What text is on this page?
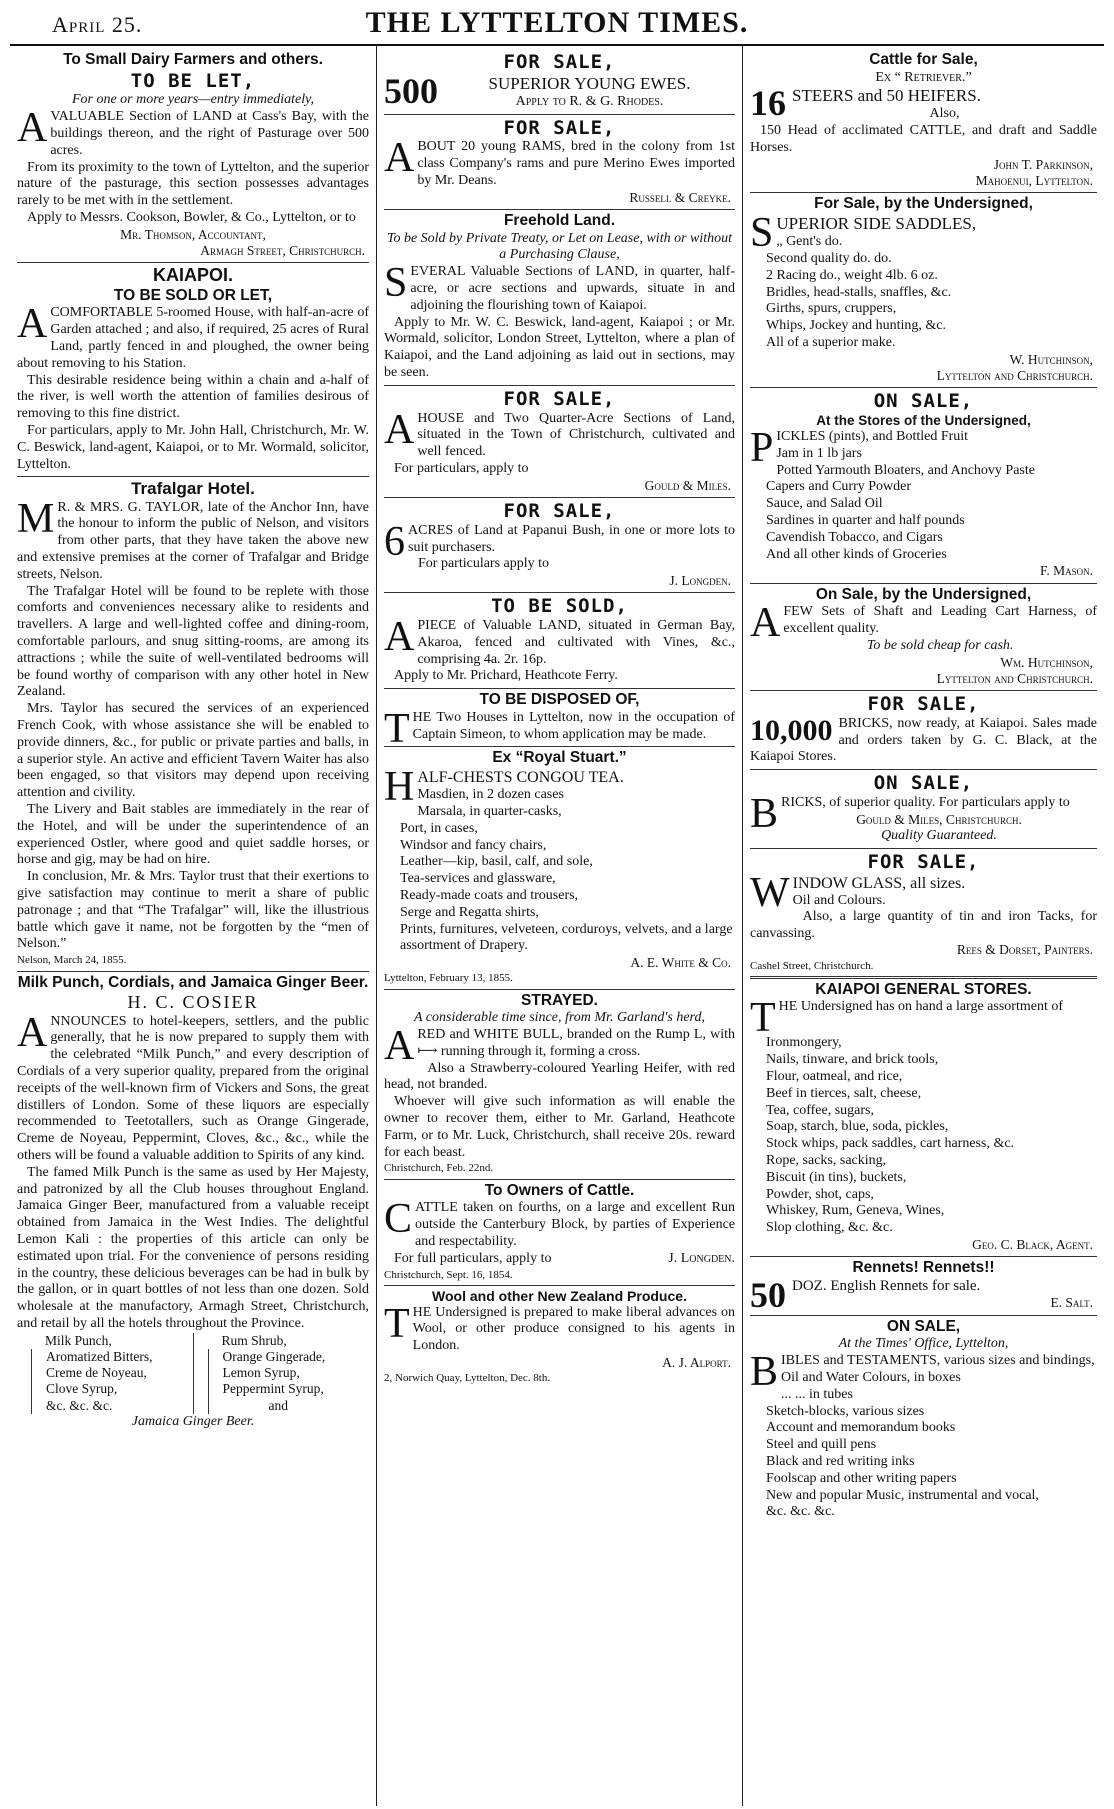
April 25.	THE LYTTELTON TIMES.
To Small Dairy Farmers and others.
TO BE LET,
For one or more years—entry immediately,

AVALUABLE Section of LAND at Cass's Bay, with the buildings thereon, and the right of Pasturage over 500 acres.

From its proximity to the town of Lyttelton, and the superior nature of the pasturage, this section possesses advantages rarely to be met with in the settlement.

Apply to Messrs. Cookson, Bowler, & Co., Lyttelton, or to

Mr. Thomson, Accountant,
Armagh Street, Christchurch.
KAIAPOI.
TO BE SOLD OR LET,

ACOMFORTABLE 5-roomed House, with half-an-acre of Garden attached ; and also, if required, 25 acres of Rural Land, partly fenced in and ploughed, the owner being about removing to his Station.

This desirable residence being within a chain and a-half of the river, is well worth the attention of families desirous of removing to this fine district.

For particulars, apply to Mr. John Hall, Christchurch, Mr. W. C. Beswick, land-agent, Kaiapoi, or to Mr. Wormald, solicitor, Lyttelton.

Trafalgar Hotel.

M R. & MRS. G. TAYLOR, late of the Anchor Inn, have the honour to inform the public of Nelson, and visitors from other parts, that they have taken the above new and extensive premises at the corner of Trafalgar and Bridge streets, Nelson.

The Trafalgar Hotel will be found to be replete with those comforts and conveniences necessary alike to residents and travellers. A large and well-lighted coffee and dining-room, comfortable parlours, and snug sitting-rooms, are among its attractions ; while the suite of well-ventilated bedrooms will be found worthy of comparison with any other hotel in New Zealand.

Mrs. Taylor has secured the services of an experienced French Cook, with whose assistance she will be enabled to provide dinners, &c., for public or private parties and balls, in a superior style. An active and efficient Tavern Waiter has also been engaged, so that visitors may depend upon receiving attention and civility.

The Livery and Bait stables are immediately in the rear of the Hotel, and will be under the superintendence of an experienced Ostler, where good and quiet saddle horses, or horse and gig, may be had on hire.

In conclusion, Mr. & Mrs. Taylor trust that their exertions to give satisfaction may continue to merit a share of public patronage ; and that “The Trafalgar” will, like the illustrious battle which gave it name, not be forgotten by the “men of Nelson.”

Nelson, March 24, 1855.

Milk Punch, Cordials, and Jamaica Ginger Beer.
H. C. COSIER

ANNOUNCES to hotel-keepers, settlers, and the public generally, that he is now prepared to supply them with the celebrated “Milk Punch,” and every description of Cordials of a very superior quality, prepared from the original receipts of the well-known firm of Vickers and Sons, the great distillers of London. Some of these liquors are especially recommended to Teetotallers, such as Orange Gingerade, Creme de Noyeau, Peppermint, Cloves, &c., &c., while the others will be found a valuable addition to Spirits of any kind.

The famed Milk Punch is the same as used by Her Majesty, and patronized by all the Club houses throughout England. Jamaica Ginger Beer, manufactured from a valuable receipt obtained from Jamaica in the West Indies. The delightful Lemon Kali : the properties of this article can only be estimated upon trial. For the convenience of persons residing in the country, these delicious beverages can be had in bulk by the gallon, or in quart bottles of not less than one dozen. Sold wholesale at the manufactory, Armagh Street, Christchurch, and retail by all the hotels throughout the Province.

Milk Punch,
Aromatized Bitters,
Creme de Noyeau,
Clove Syrup,
&c. &c. &c.
Rum Shrub,
Orange Gingerade,
Lemon Syrup,
Peppermint Syrup,
and
Jamaica Ginger Beer.
FOR SALE,
500	SUPERIOR YOUNG EWES.
Apply to R. & G. Rhodes.
FOR SALE,

ABOUT 20 young RAMS, bred in the colony from 1st class Company's rams and pure Merino Ewes imported by Mr. Deans.

Russell & Creyke.
Freehold Land.
To be Sold by Private Treaty, or Let on Lease, with or without a Purchasing Clause,

SEVERAL Valuable Sections of LAND, in quarter, half-acre, or acre sections and upwards, situate in and adjoining the flourishing town of Kaiapoi.

Apply to Mr. W. C. Beswick, land-agent, Kaiapoi ; or Mr. Wormald, solicitor, London Street, Lyttelton, where a plan of Kaiapoi, and the Land adjoining as laid out in sections, may be seen.

FOR SALE,

AHOUSE and Two Quarter-Acre Sections of Land, situated in the Town of Christchurch, cultivated and well fenced.

For particulars, apply to

Gould & Miles.
FOR SALE,

6 ACRES of Land at Papanui Bush, in one or more lots to suit purchasers.

For particulars apply to

J. Longden.
TO BE SOLD,

APIECE of Valuable LAND, situated in German Bay, Akaroa, fenced and cultivated with Vines, &c., comprising 4a. 2r. 16p.

Apply to Mr. Prichard, Heathcote Ferry.

TO BE DISPOSED OF,

THE Two Houses in Lyttelton, now in the occupation of Captain Simeon, to whom application may be made.

Ex “Royal Stuart.”

HALF-CHESTS CONGOU TEA.

Masdien, in 2 dozen cases
Marsala, in quarter-casks,
Port, in cases,
Windsor and fancy chairs,
Leather—kip, basil, calf, and sole,
Tea-services and glassware,
Ready-made coats and trousers,
Serge and Regatta shirts,
Prints, furnitures, velveteen, corduroys, velvets, and a large assortment of Drapery.
A. E. White & Co.

Lyttelton, February 13, 1855.

STRAYED.
A considerable time since, from Mr. Garland's herd,

ARED and WHITE BULL, branded on the Rump L, with ⟼ running through it, forming a cross.

Also a Strawberry-coloured Yearling Heifer, with red head, not branded.

Whoever will give such information as will enable the owner to recover them, either to Mr. Garland, Heathcote Farm, or to Mr. Luck, Christchurch, shall receive 20s. reward for each beast.

Christchurch, Feb. 22nd.

To Owners of Cattle.

CATTLE taken on fourths, on a large and excellent Run outside the Canterbury Block, by parties of Experience and respectability.

For full particulars, apply to	J. Longden.

Christchurch, Sept. 16, 1854.

Wool and other New Zealand Produce.

THE Undersigned is prepared to make liberal advances on Wool, or other produce consigned to his agents in London.

A. J. Alport.

2, Norwich Quay, Lyttelton, Dec. 8th.

Cattle for Sale,
Ex “ Retriever.”
16 STEERS and 50 HEIFERS.
Also,

150 Head of acclimated CATTLE, and draft and Saddle Horses.

John T. Parkinson,
Mahoenui, Lyttelton.
For Sale, by the Undersigned,

SUPERIOR SIDE SADDLES,

„ Gent's do.
Second quality do. do.
2 Racing do., weight 4lb. 6 oz.
Bridles, head-stalls, snaffles, &c.
Girths, spurs, cruppers,
Whips, Jockey and hunting, &c.
All of a superior make.
W. Hutchinson,
Lyttelton and Christchurch.
ON SALE,
At the Stores of the Undersigned,

PICKLES (pints), and Bottled Fruit

Jam in 1 lb jars
Potted Yarmouth Bloaters, and Anchovy Paste
Capers and Curry Powder
Sauce, and Salad Oil
Sardines in quarter and half pounds
Cavendish Tobacco, and Cigars
And all other kinds of Groceries
F. Mason.
On Sale, by the Undersigned,

AFEW Sets of Shaft and Leading Cart Harness, of excellent quality.

To be sold cheap for cash.
Wm. Hutchinson,
Lyttelton and Christchurch.
FOR SALE,

10,000 BRICKS, now ready, at Kaiapoi. Sales made and orders taken by G. C. Black, at the Kaiapoi Stores.

ON SALE,

BRICKS, of superior quality. For particulars apply to

Gould & Miles, Christchurch.
Quality Guaranteed.
FOR SALE,

WINDOW GLASS, all sizes.

Oil and Colours.

Also, a large quantity of tin and iron Tacks, for canvassing.

Rees & Dorset, Painters.

Cashel Street, Christchurch.

KAIAPOI GENERAL STORES.

THE Undersigned has on hand a large assortment of

Ironmongery,
Nails, tinware, and brick tools,
Flour, oatmeal, and rice,
Beef in tierces, salt, cheese,
Tea, coffee, sugars,
Soap, starch, blue, soda, pickles,
Stock whips, pack saddles, cart harness, &c.
Rope, sacks, sacking,
Biscuit (in tins), buckets,
Powder, shot, caps,
Whiskey, Rum, Geneva, Wines,
Slop clothing, &c. &c.
Geo. C. Black, Agent.
Rennets! Rennets!!
50 DOZ. English Rennets for sale.
E. Salt.
ON SALE,
At the Times' Office, Lyttelton,

BIBLES and TESTAMENTS, various sizes and bindings,

Oil and Water Colours, in boxes
... ... in tubes
Sketch-blocks, various sizes
Account and memorandum books
Steel and quill pens
Black and red writing inks
Foolscap and other writing papers
New and popular Music, instrumental and vocal,
&c. &c. &c.
